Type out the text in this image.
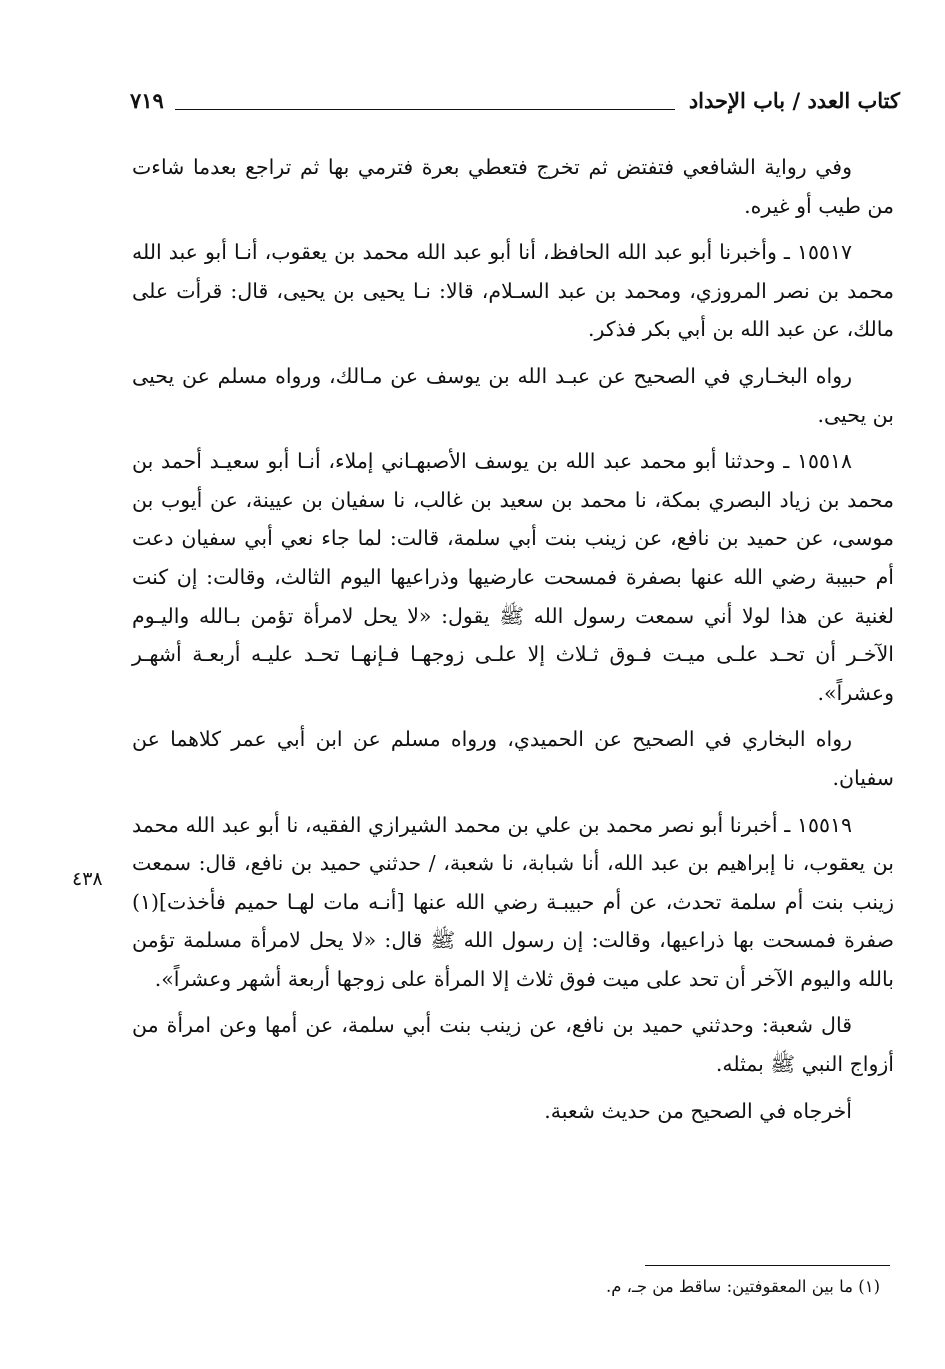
كتاب العدد / باب الإحداد
٧١٩

وفي رواية الشافعي فتفتض ثم تخرج فتعطي بعرة فترمي بها ثم تراجع بعدما شاءت من طيب أو غيره.

١٥٥١٧ ـ وأخبرنا أبو عبد الله الحافظ، أنا أبو عبد الله محمد بن يعقوب، أنـا أبو عبد الله محمد بن نصر المروزي، ومحمد بن عبد السـلام، قالا: نـا يحيى بن يحيى، قال: قرأت على مالك، عن عبد الله بن أبي بكر فذكر.

رواه البخـاري في الصحيح عن عبـد الله بن يوسف عن مـالك، ورواه مسلم عن يحيى بن يحيى.

١٥٥١٨ ـ وحدثنا أبو محمد عبد الله بن يوسف الأصبهـاني إملاء، أنـا أبو سعيـد أحمد بن محمد بن زياد البصري بمكة، نا محمد بن سعيد بن غالب، نا سفيان بن عيينة، عن أيوب بن موسى، عن حميد بن نافع، عن زينب بنت أبي سلمة، قالت: لما جاء نعي أبي سفيان دعت أم حبيبة رضي الله عنها بصفرة فمسحت عارضيها وذراعيها اليوم الثالث، وقالت: إن كنت لغنية عن هذا لولا أني سمعت رسول الله ﷺ يقول: «لا يحل لامرأة تؤمن بـالله واليـوم الآخـر أن تحـد علـى ميـت فـوق ثـلاث إلا علـى زوجهـا فـإنهـا تحـد عليـه أربعـة أشهـر وعشراً».

رواه البخاري في الصحيح عن الحميدي، ورواه مسلم عن ابن أبي عمر كلاهما عن سفيان.

١٥٥١٩ ـ أخبرنا أبو نصر محمد بن علي بن محمد الشيرازي الفقيه، نا أبو عبد الله محمد بن يعقوب، نا إبراهيم بن عبد الله، أنا شبابة، نا شعبة، / حدثني حميد بن نافع، قال: سمعت زينب بنت أم سلمة تحدث، عن أم حبيبـة رضي الله عنها [أنـه مات لهـا حميم فأخذت](١) صفرة فمسحت بها ذراعيها، وقالت: إن رسول الله ﷺ قال: «لا يحل لامرأة مسلمة تؤمن بالله واليوم الآخر أن تحد على ميت فوق ثلاث إلا المرأة على زوجها أربعة أشهر وعشراً».

قال شعبة: وحدثني حميد بن نافع، عن زينب بنت أبي سلمة، عن أمها وعن امرأة من أزواج النبي ﷺ بمثله.

أخرجاه في الصحيح من حديث شعبة.

٤٣٨
(١) ما بين المعقوفتين: ساقط من جـ، م.
